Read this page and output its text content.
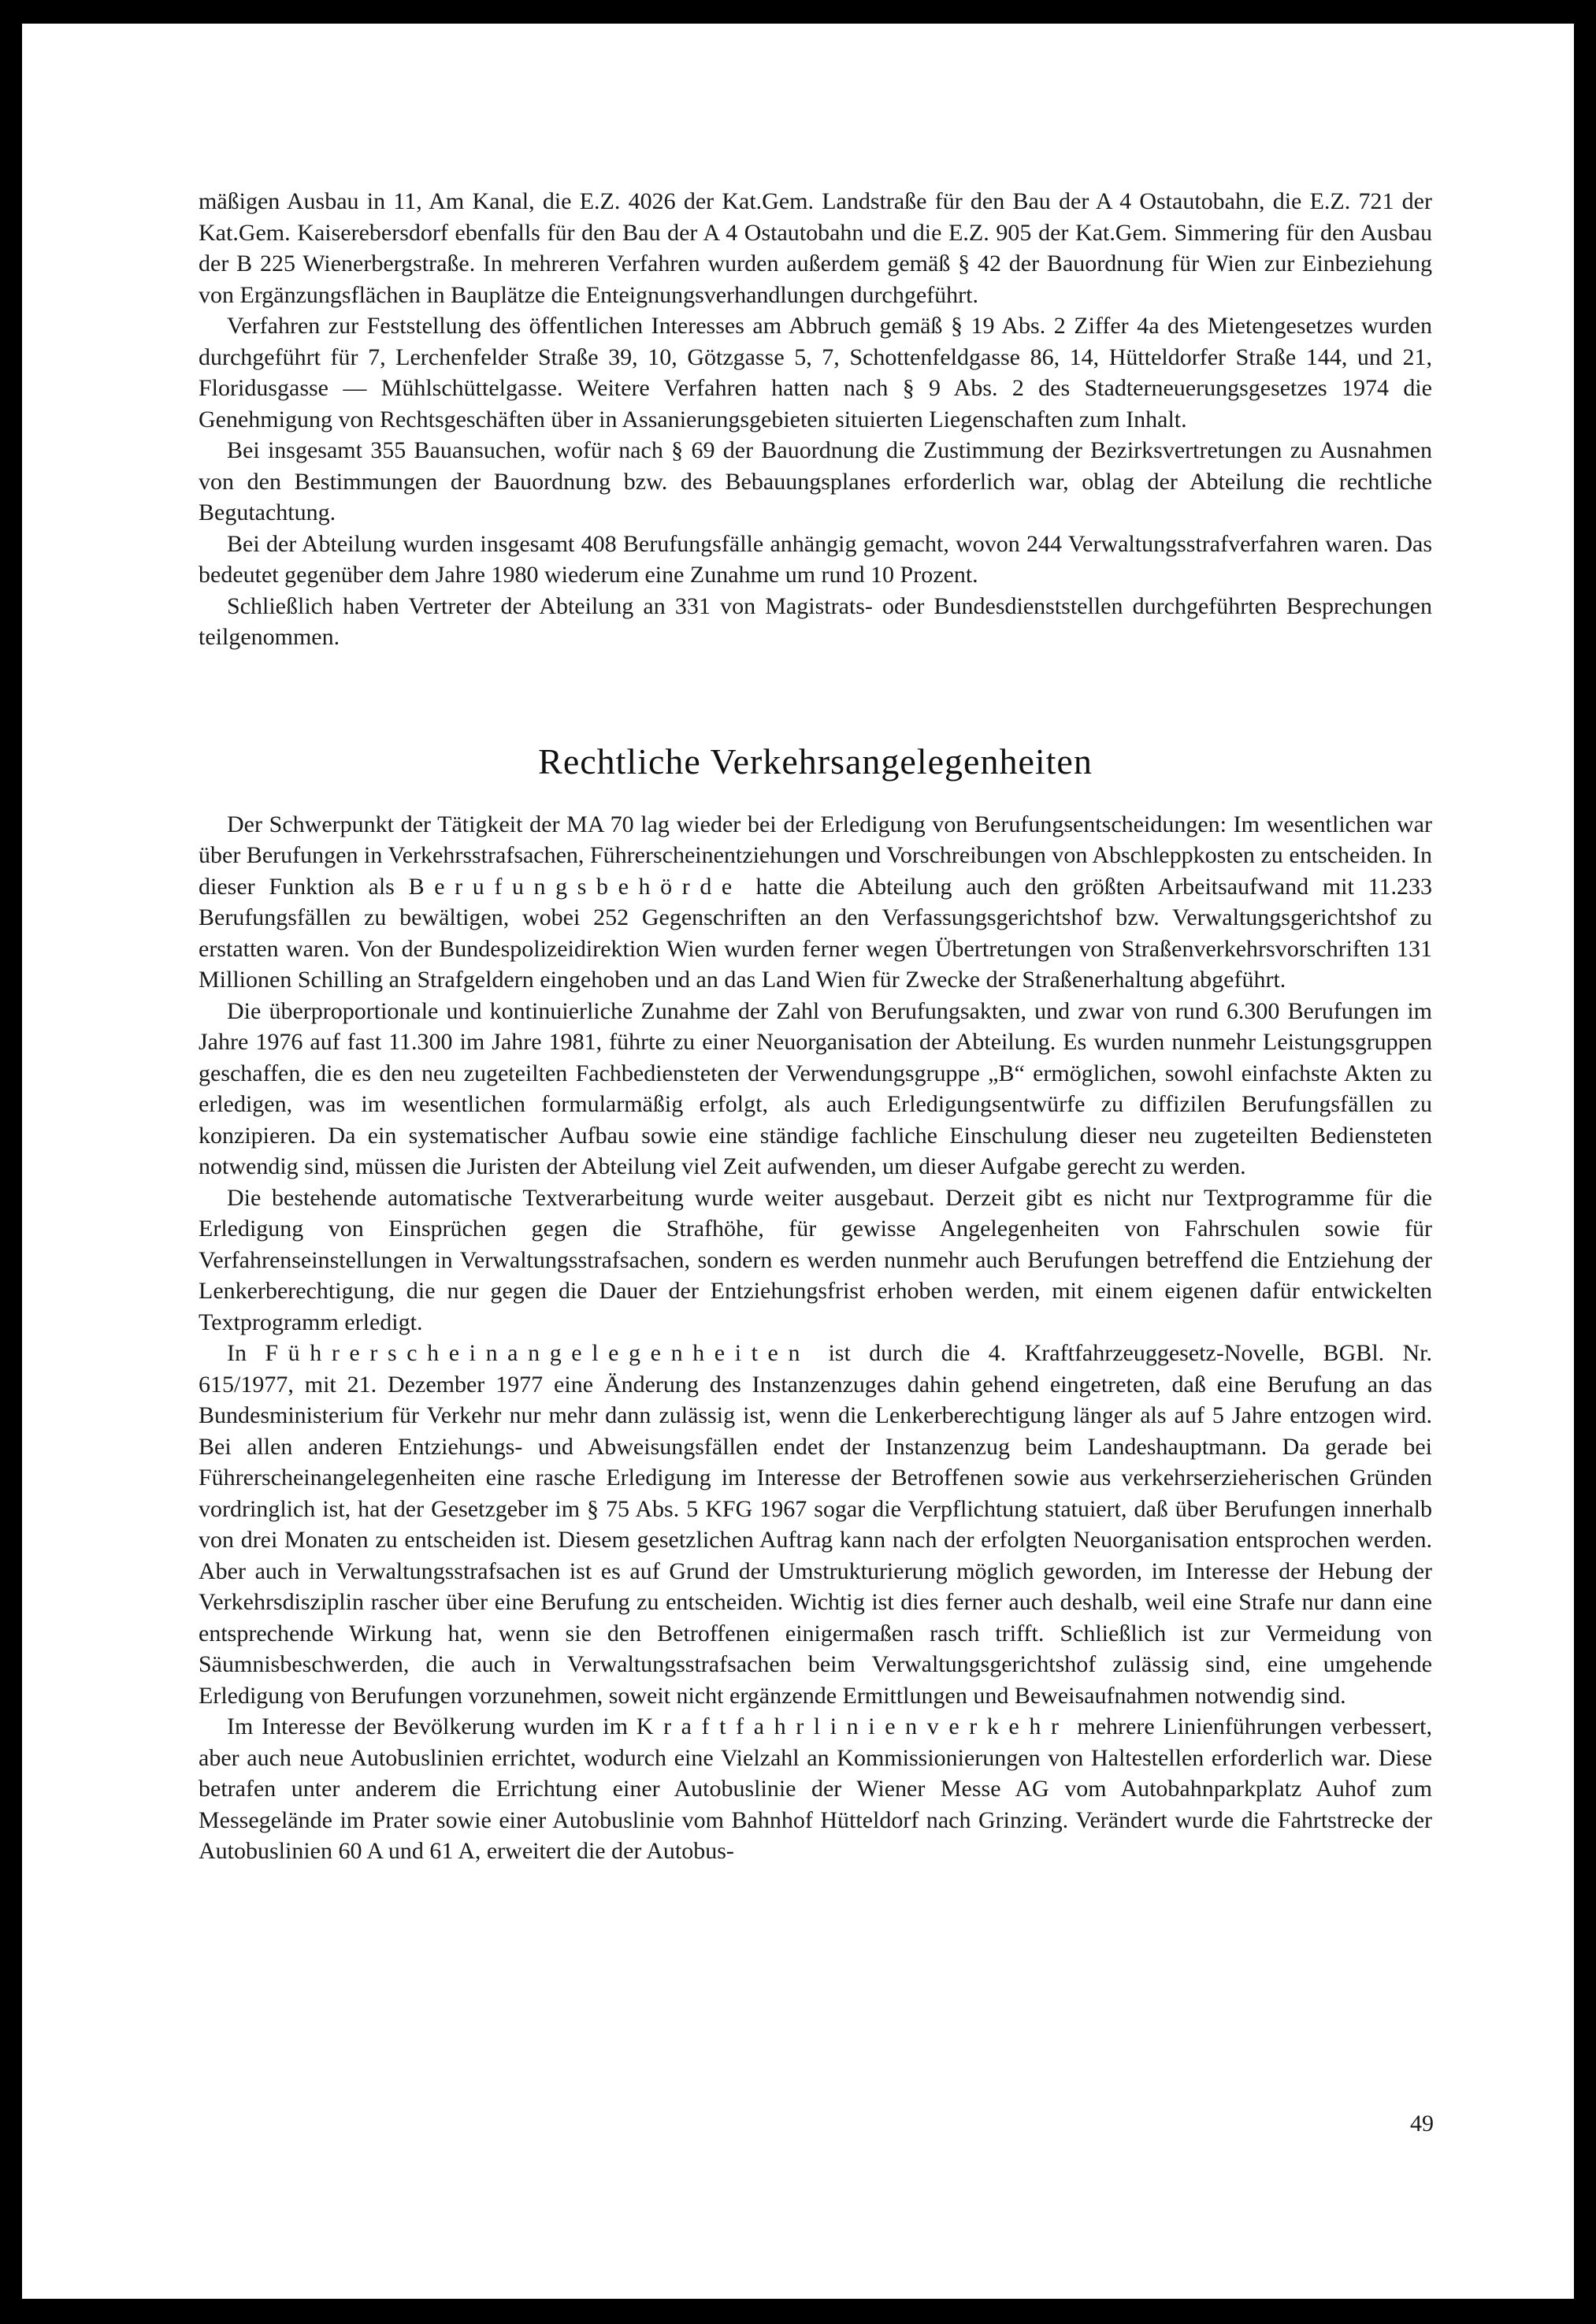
mäßigen Ausbau in 11, Am Kanal, die E.Z. 4026 der Kat.Gem. Landstraße für den Bau der A 4 Ostautobahn, die E.Z. 721 der Kat.Gem. Kaiserebersdorf ebenfalls für den Bau der A 4 Ostautobahn und die E.Z. 905 der Kat.Gem. Simmering für den Ausbau der B 225 Wienerbergstraße. In mehreren Verfahren wurden außerdem gemäß § 42 der Bauordnung für Wien zur Einbeziehung von Ergänzungsflächen in Bauplätze die Enteignungsverhandlungen durchgeführt.

Verfahren zur Feststellung des öffentlichen Interesses am Abbruch gemäß § 19 Abs. 2 Ziffer 4a des Mietengesetzes wurden durchgeführt für 7, Lerchenfelder Straße 39, 10, Götzgasse 5, 7, Schottenfeldgasse 86, 14, Hütteldorfer Straße 144, und 21, Floridusgasse — Mühlschüttelgasse. Weitere Verfahren hatten nach § 9 Abs. 2 des Stadterneuerungsgesetzes 1974 die Genehmigung von Rechtsgeschäften über in Assanierungsgebieten situierten Liegenschaften zum Inhalt.

Bei insgesamt 355 Bauansuchen, wofür nach § 69 der Bauordnung die Zustimmung der Bezirksvertretungen zu Ausnahmen von den Bestimmungen der Bauordnung bzw. des Bebauungsplanes erforderlich war, oblag der Abteilung die rechtliche Begutachtung.

Bei der Abteilung wurden insgesamt 408 Berufungsfälle anhängig gemacht, wovon 244 Verwaltungsstrafverfahren waren. Das bedeutet gegenüber dem Jahre 1980 wiederum eine Zunahme um rund 10 Prozent.

Schließlich haben Vertreter der Abteilung an 331 von Magistrats- oder Bundesdienststellen durchgeführten Besprechungen teilgenommen.

Rechtliche Verkehrsangelegenheiten

Der Schwerpunkt der Tätigkeit der MA 70 lag wieder bei der Erledigung von Berufungsentscheidungen: Im wesentlichen war über Berufungen in Verkehrsstrafsachen, Führerscheinentziehungen und Vorschreibungen von Abschleppkosten zu entscheiden. In dieser Funktion als Berufungsbehörde hatte die Abteilung auch den größten Arbeitsaufwand mit 11.233 Berufungsfällen zu bewältigen, wobei 252 Gegenschriften an den Verfassungsgerichtshof bzw. Verwaltungsgerichtshof zu erstatten waren. Von der Bundespolizeidirektion Wien wurden ferner wegen Übertretungen von Straßenverkehrsvorschriften 131 Millionen Schilling an Strafgeldern eingehoben und an das Land Wien für Zwecke der Straßenerhaltung abgeführt.

Die überproportionale und kontinuierliche Zunahme der Zahl von Berufungsakten, und zwar von rund 6.300 Berufungen im Jahre 1976 auf fast 11.300 im Jahre 1981, führte zu einer Neuorganisation der Abteilung. Es wurden nunmehr Leistungsgruppen geschaffen, die es den neu zugeteilten Fachbediensteten der Verwendungsgruppe „B“ ermöglichen, sowohl einfachste Akten zu erledigen, was im wesentlichen formularmäßig erfolgt, als auch Erledigungsentwürfe zu diffizilen Berufungsfällen zu konzipieren. Da ein systematischer Aufbau sowie eine ständige fachliche Einschulung dieser neu zugeteilten Bediensteten notwendig sind, müssen die Juristen der Abteilung viel Zeit aufwenden, um dieser Aufgabe gerecht zu werden.

Die bestehende automatische Textverarbeitung wurde weiter ausgebaut. Derzeit gibt es nicht nur Textprogramme für die Erledigung von Einsprüchen gegen die Strafhöhe, für gewisse Angelegenheiten von Fahrschulen sowie für Verfahrenseinstellungen in Verwaltungsstrafsachen, sondern es werden nunmehr auch Berufungen betreffend die Entziehung der Lenkerberechtigung, die nur gegen die Dauer der Entziehungsfrist erhoben werden, mit einem eigenen dafür entwickelten Textprogramm erledigt.

In Führerscheinangelegenheiten ist durch die 4. Kraftfahrzeuggesetz-Novelle, BGBl. Nr. 615/1977, mit 21. Dezember 1977 eine Änderung des Instanzenzuges dahin gehend eingetreten, daß eine Berufung an das Bundesministerium für Verkehr nur mehr dann zulässig ist, wenn die Lenkerberechtigung länger als auf 5 Jahre entzogen wird. Bei allen anderen Entziehungs- und Abweisungsfällen endet der Instanzenzug beim Landeshauptmann. Da gerade bei Führerscheinangelegenheiten eine rasche Erledigung im Interesse der Betroffenen sowie aus verkehrserzieherischen Gründen vordringlich ist, hat der Gesetzgeber im § 75 Abs. 5 KFG 1967 sogar die Verpflichtung statuiert, daß über Berufungen innerhalb von drei Monaten zu entscheiden ist. Diesem gesetzlichen Auftrag kann nach der erfolgten Neuorganisation entsprochen werden. Aber auch in Verwaltungsstrafsachen ist es auf Grund der Umstrukturierung möglich geworden, im Interesse der Hebung der Verkehrsdisziplin rascher über eine Berufung zu entscheiden. Wichtig ist dies ferner auch deshalb, weil eine Strafe nur dann eine entsprechende Wirkung hat, wenn sie den Betroffenen einigermaßen rasch trifft. Schließlich ist zur Vermeidung von Säumnisbeschwerden, die auch in Verwaltungsstrafsachen beim Verwaltungsgerichtshof zulässig sind, eine umgehende Erledigung von Berufungen vorzunehmen, soweit nicht ergänzende Ermittlungen und Beweisaufnahmen notwendig sind.

Im Interesse der Bevölkerung wurden im Kraftfahrlinienverkehr mehrere Linienführungen verbessert, aber auch neue Autobuslinien errichtet, wodurch eine Vielzahl an Kommissionierungen von Haltestellen erforderlich war. Diese betrafen unter anderem die Errichtung einer Autobuslinie der Wiener Messe AG vom Autobahnparkplatz Auhof zum Messegelände im Prater sowie einer Autobuslinie vom Bahnhof Hütteldorf nach Grinzing. Verändert wurde die Fahrtstrecke der Autobuslinien 60 A und 61 A, erweitert die der Autobus-

49
